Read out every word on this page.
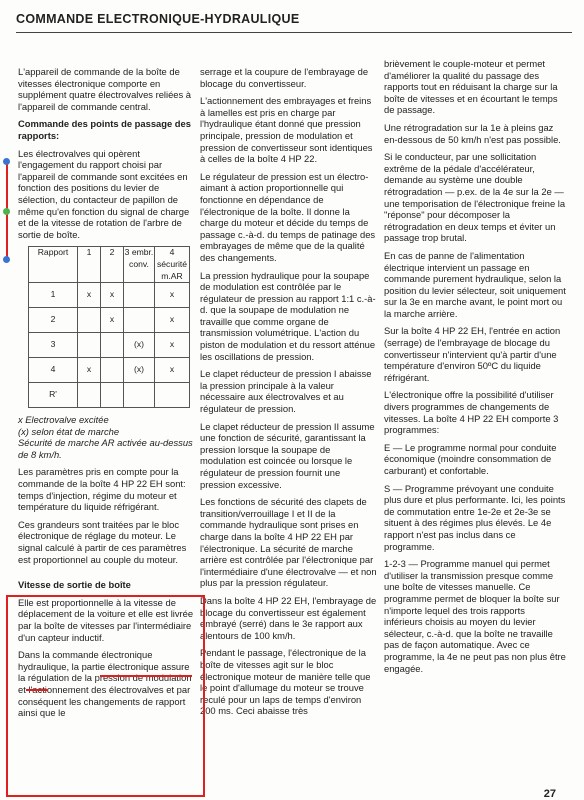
COMMANDE ELECTRONIQUE-HYDRAULIQUE

L'appareil de commande de la boîte de vitesses électronique comporte en supplément quatre électrovalves reliées à l'appareil de commande central.

Commande des points de passage des rapports:

Les électrovalves qui opèrent l'engagement du rapport choisi par l'appareil de commande sont excitées en fonction des positions du levier de sélection, du contacteur de papillon de même qu'en fonction du signal de charge et de la vitesse de rotation de l'arbre de sortie de boîte.

Rapport	1	2	3 embr. conv.	4 sécurité m.AR
1	x	x		x
2		x		x
3			(x)	x
4	x		(x)	x
R'				

x Electrovalve excitée

(x) selon état de marche

Sécurité de marche AR activée au-dessus de 8 km/h.

Les paramètres pris en compte pour la commande de la boîte 4 HP 22 EH sont: temps d'injection, régime du moteur et température du liquide réfrigérant.

Ces grandeurs sont traitées par le bloc électronique de réglage du moteur. Le signal calculé à partir de ces paramètres est proportionnel au couple du moteur.

Vitesse de sortie de boîte

Elle est proportionnelle à la vitesse de déplacement de la voiture et elle est livrée par la boîte de vitesses par l'intermédiaire d'un capteur inductif.

Dans la commande électronique hydraulique, la partie électronique assure la régulation de la pression de modulation et l'actionnement des électrovalves et par conséquent les changements de rapport ainsi que le

serrage et la coupure de l'embrayage de blocage du convertisseur.

L'actionnement des embrayages et freins à lamelles est pris en charge par l'hydraulique étant donné que pression principale, pression de modulation et pression de convertisseur sont identiques à celles de la boîte 4 HP 22.

Le régulateur de pression est un électro-aimant à action proportionnelle qui fonctionne en dépendance de l'électronique de la boîte. Il donne la charge du moteur et décide du temps de passage c.-à-d. du temps de patinage des embrayages de même que de la qualité des changements.

La pression hydraulique pour la soupape de modulation est contrôlée par le régulateur de pression au rapport 1:1 c.-à-d. que la soupape de modulation ne travaille que comme organe de transmission volumétrique. L'action du piston de modulation et du ressort atténue les oscillations de pression.

Le clapet réducteur de pression I abaisse la pression principale à la valeur nécessaire aux électrovalves et au régulateur de pression.

Le clapet réducteur de pression II assume une fonction de sécurité, garantissant la pression lorsque la soupape de modulation est coincée ou lorsque le régulateur de pression fournit une pression excessive.

Les fonctions de sécurité des clapets de transition/verrouillage I et II de la commande hydraulique sont prises en charge dans la boîte 4 HP 22 EH par l'électronique. La sécurité de marche arrière est contrôlée par l'électronique par l'intermédiaire d'une électrovalve — et non plus par la pression régulateur.

Dans la boîte 4 HP 22 EH, l'embrayage de blocage du convertisseur est également embrayé (serré) dans le 3e rapport aux alentours de 100 km/h.

Pendant le passage, l'électronique de la boîte de vitesses agit sur le bloc électronique moteur de manière telle que le point d'allumage du moteur se trouve reculé pour un laps de temps d'environ 200 ms. Ceci abaisse très

brièvement le couple-moteur et permet d'améliorer la qualité du passage des rapports tout en réduisant la charge sur la boîte de vitesses et en écourtant le temps de passage.

Une rétrogradation sur la 1e à pleins gaz en-dessous de 50 km/h n'est pas possible.

Si le conducteur, par une sollicitation extrême de la pédale d'accélérateur, demande au système une double rétrogradation — p.ex. de la 4e sur la 2e — une temporisation de l'électronique freine la "réponse" pour décomposer la rétrogradation en deux temps et éviter un passage trop brutal.

En cas de panne de l'alimentation électrique intervient un passage en commande purement hydraulique, selon la position du levier sélecteur, soit uniquement sur la 3e en marche avant, le point mort ou la marche arrière.

Sur la boîte 4 HP 22 EH, l'entrée en action (serrage) de l'embrayage de blocage du convertisseur n'intervient qu'à partir d'une température d'environ 50ºC du liquide réfrigérant.

L'électronique offre la possibilité d'utiliser divers programmes de changements de vitesses. La boîte 4 HP 22 EH comporte 3 programmes:

E — Le programme normal pour conduite économique (moindre consommation de carburant) et confortable.

S — Programme prévoyant une conduite plus dure et plus performante. Ici, les points de commutation entre 1e-2e et 2e-3e se situent à des régimes plus élevés. Le 4e rapport n'est pas inclus dans ce programme.

1-2-3 — Programme manuel qui permet d'utiliser la transmission presque comme une boîte de vitesses manuelle. Ce programme permet de bloquer la boîte sur n'importe lequel des trois rapports inférieurs choisis au moyen du levier sélecteur, c.-à-d. que la boîte ne travaille pas de façon automatique. Avec ce programme, la 4e ne peut pas non plus être engagée.

27
